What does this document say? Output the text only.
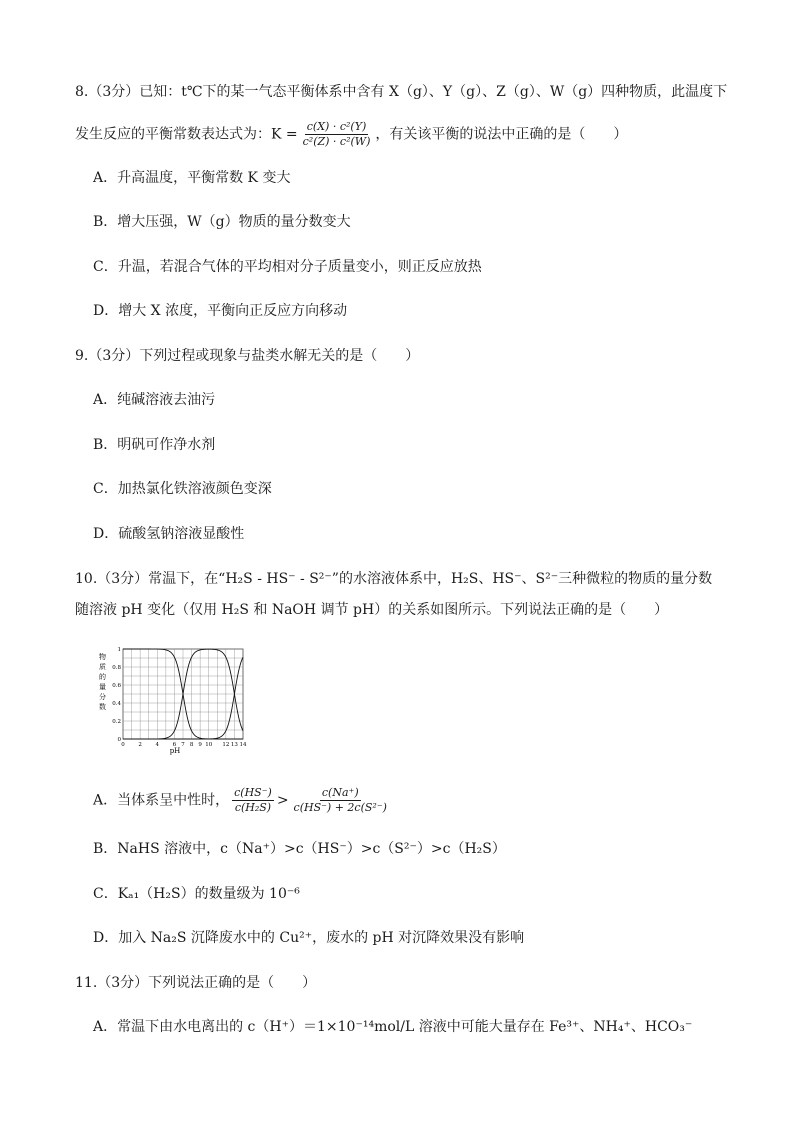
8.（3分）已知：t℃下的某一气态平衡体系中含有 X（g）、Y（g）、Z（g）、W（g）四种物质，此温度下
发生反应的平衡常数表达式为：$K = \frac{\text{c(X) · c²(Y)}}{\text{c²(Z) · c²(W)}}$ ，有关该平衡的说法中正确的是（　　）
A．升高温度，平衡常数 K 变大
B．增大压强，W（g）物质的量分数变大
C．升温，若混合气体的平均相对分子质量变小，则正反应放热
D．增大 X 浓度，平衡向正反应方向移动
9.（3分）下列过程或现象与盐类水解无关的是（　　）
A．纯碱溶液去油污
B．明矾可作净水剂
C．加热氯化铁溶液颜色变深
D．硫酸氢钠溶液显酸性
10.（3分）常温下，在“H₂S - HS⁻ - S²⁻”的水溶液体系中，H₂S、HS⁻、S²⁻三种微粒的物质的量分数
随溶液 pH 变化（仅用 H₂S 和 NaOH 调节 pH）的关系如图所示。下列说法正确的是（　　）
0 2 4 6 7 8 9 10 12 13 14
0
0.2
0.4
0.6
0.8
1
pH
物
质
的
量
分
数
A．当体系呈中性时， $\frac{c(HS^-)}{\text{c(H₂S)}} > \frac{c(Na^+)}{\text{c(HS⁻) + 2c(S²⁻)}}$
B．NaHS 溶液中，c（Na⁺）>c（HS⁻）>c（S²⁻）>c（H₂S）
C．Kₐ₁（H₂S）的数量级为 10⁻⁶
D．加入 Na₂S 沉降废水中的 Cu²⁺，废水的 pH 对沉降效果没有影响
11.（3分）下列说法正确的是（　　）
A．常温下由水电离出的 c（H⁺）＝1×10⁻¹⁴mol/L 溶液中可能大量存在 Fe³⁺、NH₄⁺、HCO₃⁻
